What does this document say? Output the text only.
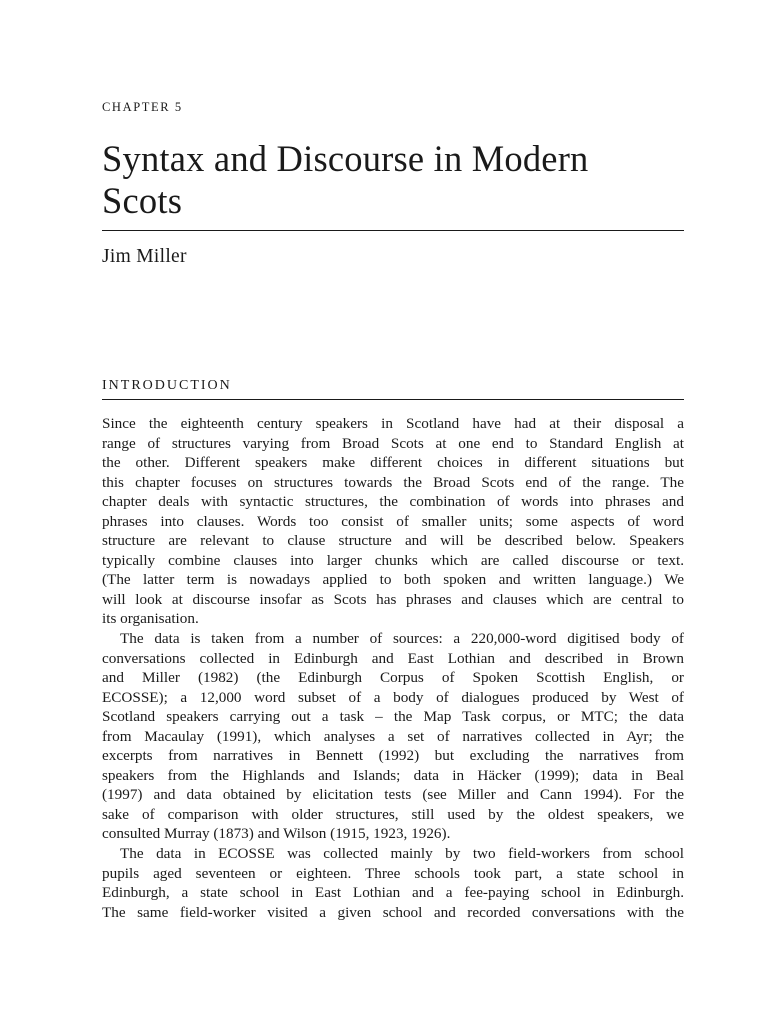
CHAPTER 5
Syntax and Discourse in Modern
Scots
Jim Miller
INTRODUCTION
Since the eighteenth century speakers in Scotland have had at their disposal a
range of structures varying from Broad Scots at one end to Standard English at
the other. Different speakers make different choices in different situations but
this chapter focuses on structures towards the Broad Scots end of the range. The
chapter deals with syntactic structures, the combination of words into phrases and
phrases into clauses. Words too consist of smaller units; some aspects of word
structure are relevant to clause structure and will be described below. Speakers
typically combine clauses into larger chunks which are called discourse or text.
(The latter term is nowadays applied to both spoken and written language.) We
will look at discourse insofar as Scots has phrases and clauses which are central to
its organisation.
The data is taken from a number of sources: a 220,000-word digitised body of
conversations collected in Edinburgh and East Lothian and described in Brown
and Miller (1982) (the Edinburgh Corpus of Spoken Scottish English, or
ECOSSE); a 12,000 word subset of a body of dialogues produced by West of
Scotland speakers carrying out a task – the Map Task corpus, or MTC; the data
from Macaulay (1991), which analyses a set of narratives collected in Ayr; the
excerpts from narratives in Bennett (1992) but excluding the narratives from
speakers from the Highlands and Islands; data in Häcker (1999); data in Beal
(1997) and data obtained by elicitation tests (see Miller and Cann 1994). For the
sake of comparison with older structures, still used by the oldest speakers, we
consulted Murray (1873) and Wilson (1915, 1923, 1926).
The data in ECOSSE was collected mainly by two field-workers from school
pupils aged seventeen or eighteen. Three schools took part, a state school in
Edinburgh, a state school in East Lothian and a fee-paying school in Edinburgh.
The same field-worker visited a given school and recorded conversations with the
